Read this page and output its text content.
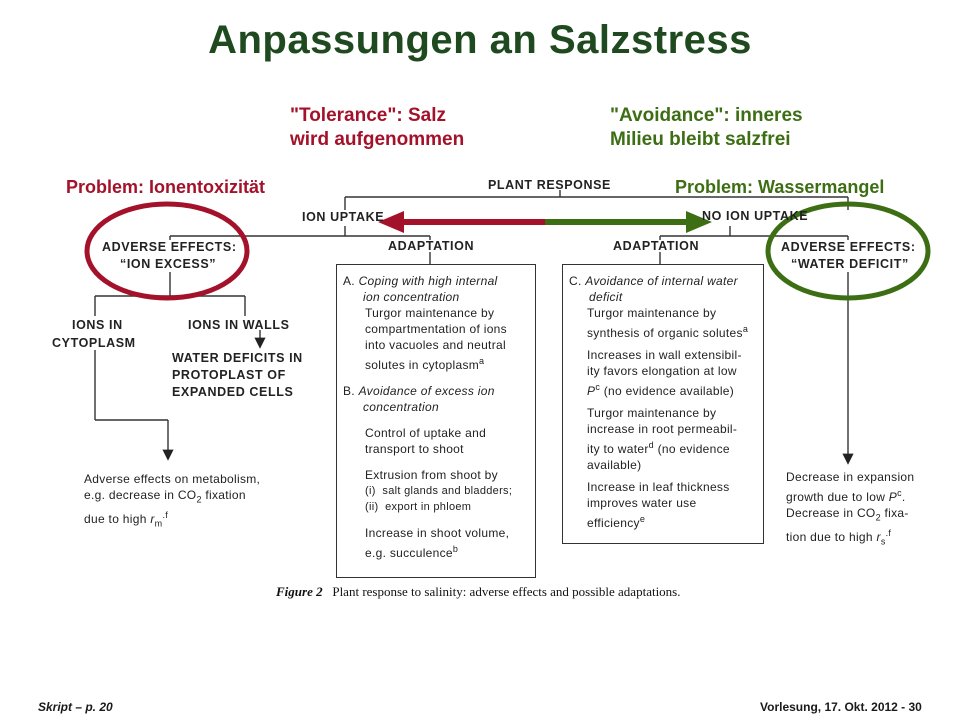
Anpassungen an Salzstress
"Tolerance": Salz
wird aufgenommen
"Avoidance": inneres
Milieu bleibt salzfrei
Problem: Ionentoxizität	Problem: Wassermangel
PLANT RESPONSE
ION UPTAKE	NO ION UPTAKE
ADAPTATION	ADAPTATION
ADVERSE EFFECTS:
“ION EXCESS”
ADVERSE EFFECTS:
“WATER DEFICIT”
IONS IN
CYTOPLASM
IONS IN WALLS
WATER DEFICITS IN
PROTOPLAST OF
EXPANDED CELLS
Adverse effects on metabolism,
e.g. decrease in $CO_2$ fixation
due to high $r_m^{.f}$
A. Coping with high internal
ion concentration
Turgor maintenance by
compartmentation of ions
into vacuoles and neutral
solutes in cytoplasm$^a$
B. Avoidance of excess ion
concentration
Control of uptake and
transport to shoot
Extrusion from shoot by
(i) salt glands and bladders;
(ii) export in phloem
Increase in shoot volume,
e.g. succulence$^b$
C. Avoidance of internal water
deficit
Turgor maintenance by
synthesis of organic solutes$^a$
Increases in wall extensibil-
ity favors elongation at low
$P^c$ (no evidence available)
Turgor maintenance by
increase in root permeabil-
ity to water$^d$ (no evidence
available)
Increase in leaf thickness
improves water use
efficiency$^e$
Decrease in expansion
growth due to low $P^c$.
Decrease in $CO_2$ fixa-
tion due to high $r_s^{.f}$
Figure 2 Plant response to salinity: adverse effects and possible adaptations.
Skript – p. 20	Vorlesung, 17. Okt. 2012 - 30
